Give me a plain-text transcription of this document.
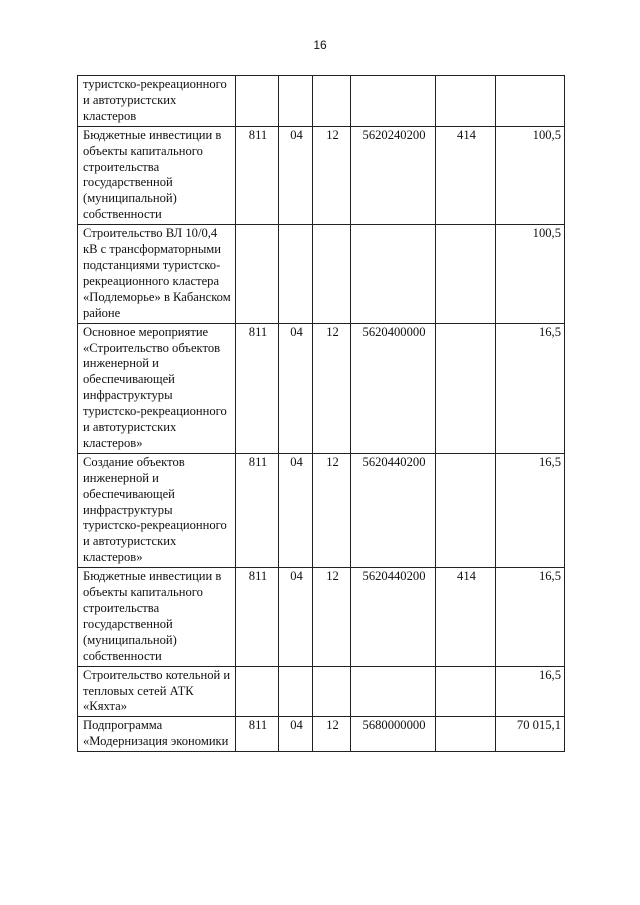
16
туристско-рекреационного и автотуристских кластеров						
Бюджетные инвестиции в объекты капитального строительства государственной (муниципальной) собственности	811	04	12	5620240200	414	100,5
Строительство ВЛ 10/0,4 кВ с трансформаторными подстанциями туристско-рекреационного кластера «Подлеморье» в Кабанском районе						100,5
Основное мероприятие «Строительство объектов инженерной и обеспечивающей инфраструктуры туристско-рекреационного и автотуристских кластеров»	811	04	12	5620400000		16,5
Создание объектов инженерной и обеспечивающей инфраструктуры туристско-рекреационного и автотуристских кластеров»	811	04	12	5620440200		16,5
Бюджетные инвестиции в объекты капитального строительства государственной (муниципальной) собственности	811	04	12	5620440200	414	16,5
Строительство котельной и тепловых сетей АТК «Кяхта»						16,5
Подпрограмма «Модернизация экономики	811	04	12	5680000000		70 015,1
